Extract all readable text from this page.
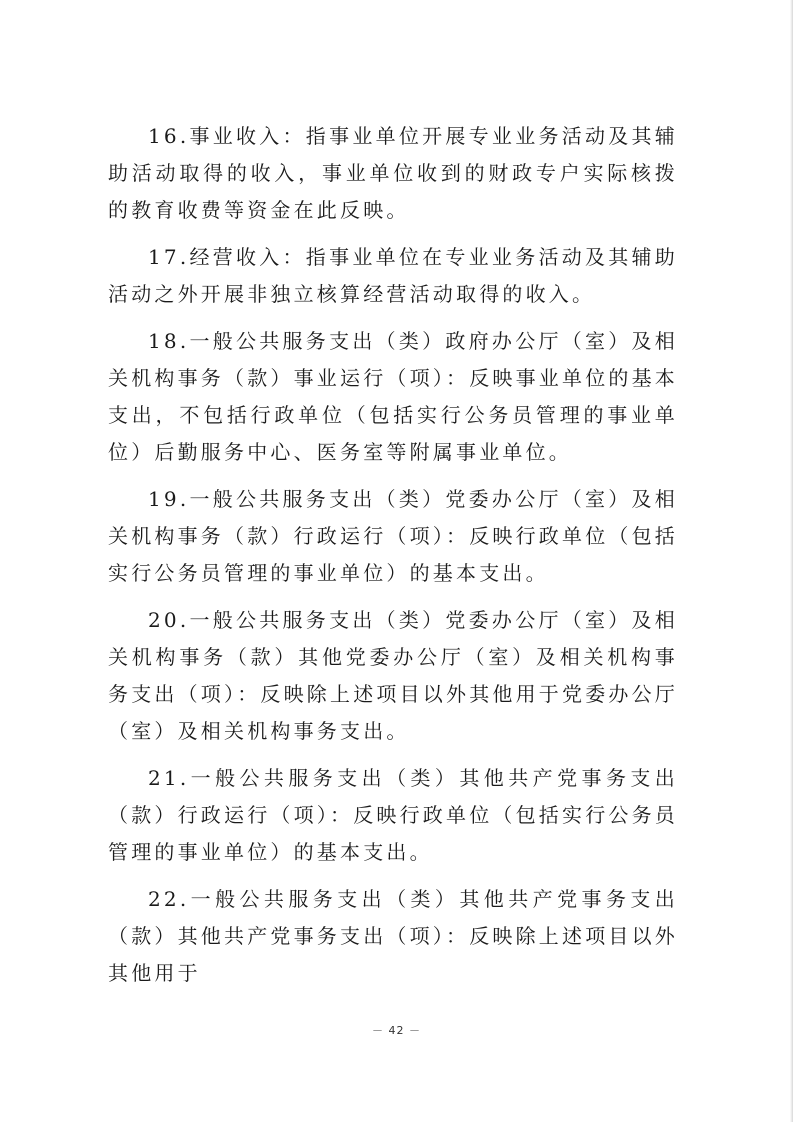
16.事业收入：指事业单位开展专业业务活动及其辅助活动取得的收入，事业单位收到的财政专户实际核拨的教育收费等资金在此反映。

17.经营收入：指事业单位在专业业务活动及其辅助活动之外开展非独立核算经营活动取得的收入。

18.一般公共服务支出（类）政府办公厅（室）及相关机构事务（款）事业运行（项）：反映事业单位的基本支出，不包括行政单位（包括实行公务员管理的事业单位）后勤服务中心、医务室等附属事业单位。

19.一般公共服务支出（类）党委办公厅（室）及相关机构事务（款）行政运行（项）：反映行政单位（包括实行公务员管理的事业单位）的基本支出。

20.一般公共服务支出（类）党委办公厅（室）及相关机构事务（款）其他党委办公厅（室）及相关机构事务支出（项）：反映除上述项目以外其他用于党委办公厅（室）及相关机构事务支出。

21.一般公共服务支出（类）其他共产党事务支出（款）行政运行（项）：反映行政单位（包括实行公务员管理的事业单位）的基本支出。

22.一般公共服务支出（类）其他共产党事务支出（款）其他共产党事务支出（项）：反映除上述项目以外其他用于

－ 42 －
